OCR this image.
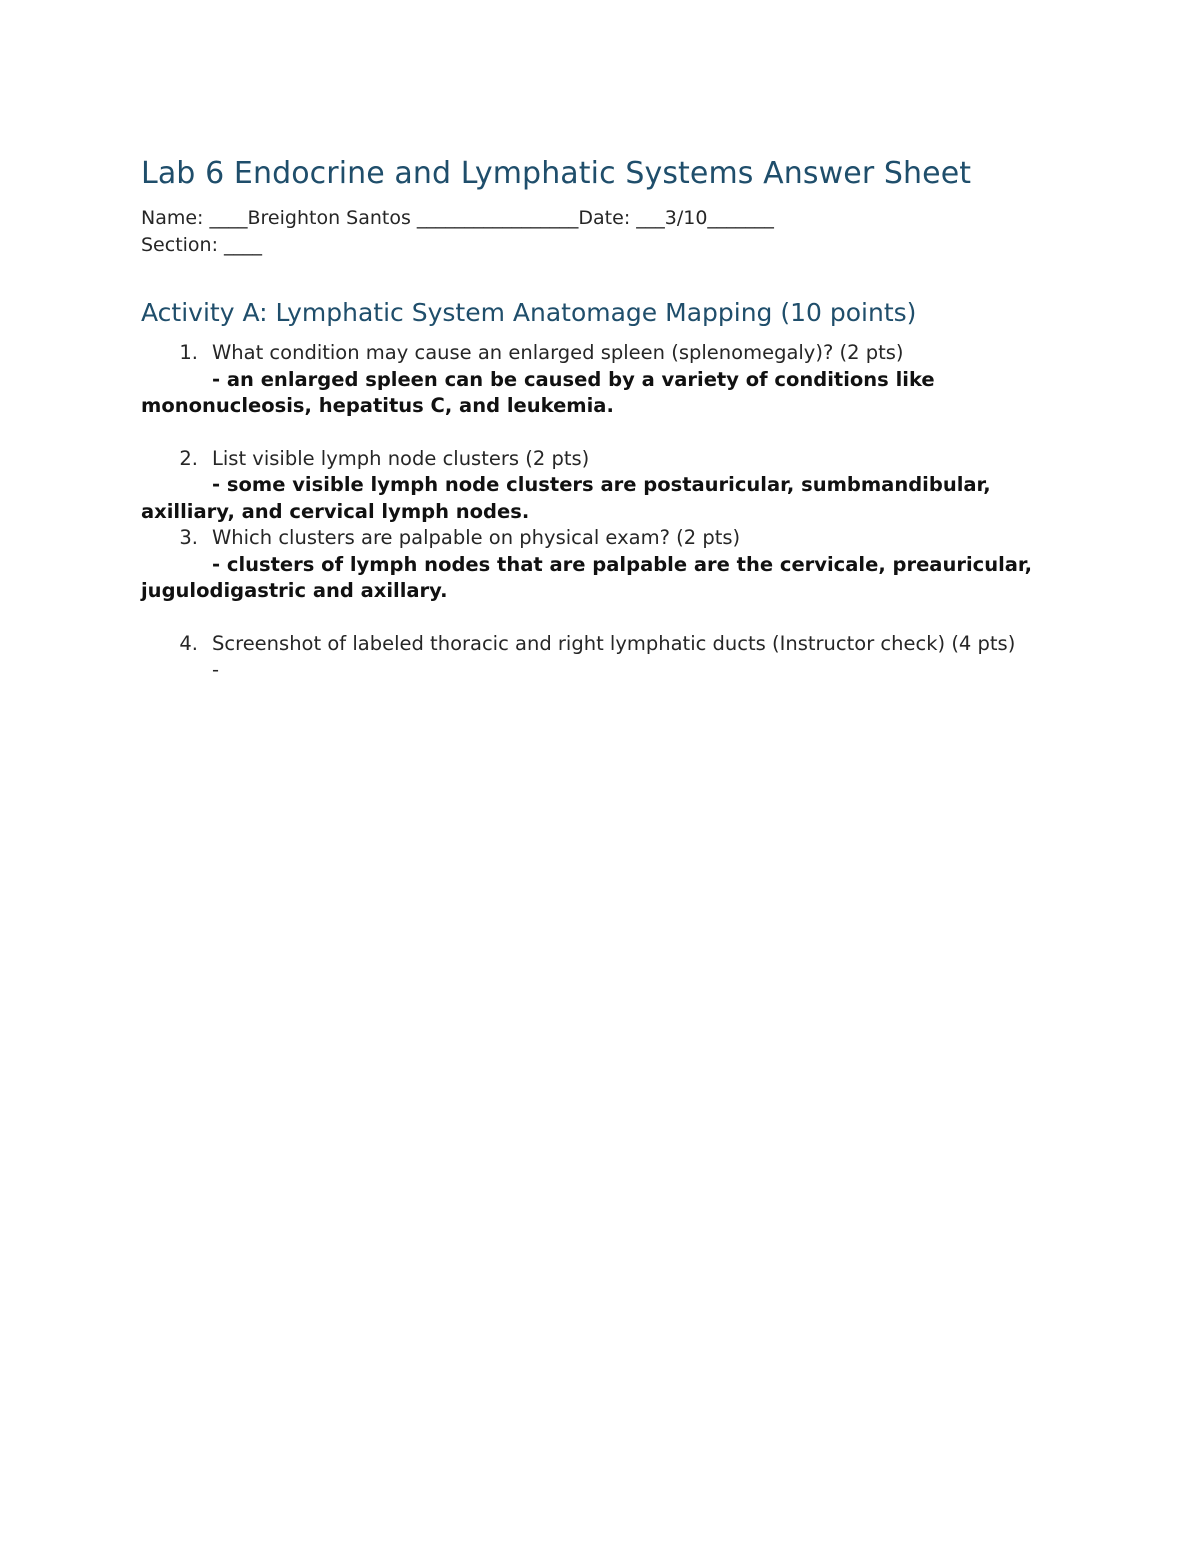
Lab 6 Endocrine and Lymphatic Systems Answer Sheet
Name: ____Breighton Santos _________________Date: ___3/10_______
Section: ____
Activity A: Lymphatic System Anatomage Mapping (10 points)
1. What condition may cause an enlarged spleen (splenomegaly)? (2 pts)

- an enlarged spleen can be caused by a variety of conditions like mononucleosis, hepatitus C, and leukemia.

2. List visible lymph node clusters (2 pts)

- some visible lymph node clusters are postauricular, sumbmandibular, axilliary, and cervical lymph nodes.

3. Which clusters are palpable on physical exam? (2 pts)

- clusters of lymph nodes that are palpable are the cervicale, preauricular, jugulodigastric and axillary.

4. Screenshot of labeled thoracic and right lymphatic ducts (Instructor check) (4 pts)

-
